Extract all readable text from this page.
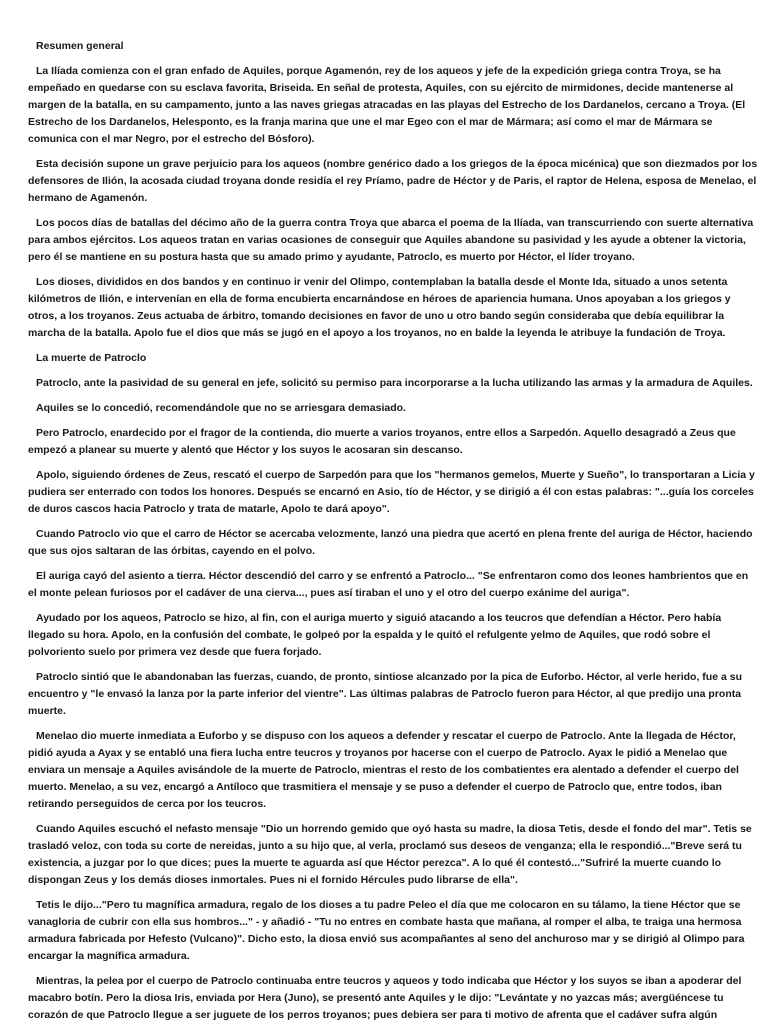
Resumen general

La Ilíada comienza con el gran enfado de Aquiles, porque Agamenón, rey de los aqueos y jefe de la expedición griega contra Troya, se ha empeñado en quedarse con su esclava favorita, Briseida. En señal de protesta, Aquiles, con su ejército de mirmidones, decide mantenerse al margen de la batalla, en su campamento, junto a las naves griegas atracadas en las playas del Estrecho de los Dardanelos, cercano a Troya. (El Estrecho de los Dardanelos, Helesponto, es la franja marina que une el mar Egeo con el mar de Mármara; así como el mar de Mármara se comunica con el mar Negro, por el estrecho del Bósforo).

Esta decisión supone un grave perjuicio para los aqueos (nombre genérico dado a los griegos de la época micénica) que son diezmados por los defensores de Ilión, la acosada ciudad troyana donde residía el rey Príamo, padre de Héctor y de Paris, el raptor de Helena, esposa de Menelao, el hermano de Agamenón.

Los pocos días de batallas del décimo año de la guerra contra Troya que abarca el poema de la Ilíada, van transcurriendo con suerte alternativa para ambos ejércitos. Los aqueos tratan en varias ocasiones de conseguir que Aquiles abandone su pasividad y les ayude a obtener la victoria, pero él se mantiene en su postura hasta que su amado primo y ayudante, Patroclo, es muerto por Héctor, el líder troyano.

Los dioses, divididos en dos bandos y en continuo ir venir del Olimpo, contemplaban la batalla desde el Monte Ida, situado a unos setenta kilómetros de Ilión, e intervenían en ella de forma encubierta encarnándose en héroes de apariencia humana. Unos apoyaban a los griegos y otros, a los troyanos. Zeus actuaba de árbitro, tomando decisiones en favor de uno u otro bando según consideraba que debía equilibrar la marcha de la batalla. Apolo fue el dios que más se jugó en el apoyo a los troyanos, no en balde la leyenda le atribuye la fundación de Troya.

La muerte de Patroclo

Patroclo, ante la pasividad de su general en jefe, solicitó su permiso para incorporarse a la lucha utilizando las armas y la armadura de Aquiles.

Aquiles se lo concedió, recomendándole que no se arriesgara demasiado.

Pero Patroclo, enardecido por el fragor de la contienda, dio muerte a varios troyanos, entre ellos a Sarpedón. Aquello desagradó a Zeus que empezó a planear su muerte y alentó que Héctor y los suyos le acosaran sin descanso.

Apolo, siguiendo órdenes de Zeus, rescató el cuerpo de Sarpedón para que los "hermanos gemelos, Muerte y Sueño", lo transportaran a Licia y pudiera ser enterrado con todos los honores. Después se encarnó en Asio, tío de Héctor, y se dirigió a él con estas palabras: "...guía los corceles de duros cascos hacia Patroclo y trata de matarle, Apolo te dará apoyo".

Cuando Patroclo vio que el carro de Héctor se acercaba velozmente, lanzó una piedra que acertó en plena frente del auriga de Héctor, haciendo que sus ojos saltaran de las órbitas, cayendo en el polvo.

El auriga cayó del asiento a tierra. Héctor descendió del carro y se enfrentó a Patroclo... "Se enfrentaron como dos leones hambrientos que en el monte pelean furiosos por el cadáver de una cierva..., pues así tiraban el uno y el otro del cuerpo exánime del auriga".

Ayudado por los aqueos, Patroclo se hizo, al fin, con el auriga muerto y siguió atacando a los teucros que defendían a Héctor. Pero había llegado su hora. Apolo, en la confusión del combate, le golpeó por la espalda y le quitó el refulgente yelmo de Aquiles, que rodó sobre el polvoriento suelo por primera vez desde que fuera forjado.

Patroclo sintió que le abandonaban las fuerzas, cuando, de pronto, sintiose alcanzado por la pica de Euforbo. Héctor, al verle herido, fue a su encuentro y "le envasó la lanza por la parte inferior del vientre". Las últimas palabras de Patroclo fueron para Héctor, al que predijo una pronta muerte.

Menelao dio muerte inmediata a Euforbo y se dispuso con los aqueos a defender y rescatar el cuerpo de Patroclo. Ante la llegada de Héctor, pidió ayuda a Ayax y se entabló una fiera lucha entre teucros y troyanos por hacerse con el cuerpo de Patroclo. Ayax le pidió a Menelao que enviara un mensaje a Aquiles avisándole de la muerte de Patroclo, mientras el resto de los combatientes era alentado a defender el cuerpo del muerto. Menelao, a su vez, encargó a Antíloco que trasmitiera el mensaje y se puso a defender el cuerpo de Patroclo que, entre todos, iban retirando perseguidos de cerca por los teucros.

Cuando Aquiles escuchó el nefasto mensaje "Dio un horrendo gemido que oyó hasta su madre, la diosa Tetis, desde el fondo del mar". Tetis se trasladó veloz, con toda su corte de nereidas, junto a su hijo que, al verla, proclamó sus deseos de venganza; ella le respondió..."Breve será tu existencia, a juzgar por lo que dices; pues la muerte te aguarda así que Héctor perezca". A lo qué él contestó..."Sufriré la muerte cuando lo dispongan Zeus y los demás dioses inmortales. Pues ni el fornido Hércules pudo librarse de ella".

Tetis le dijo..."Pero tu magnífica armadura, regalo de los dioses a tu padre Peleo el día que me colocaron en su tálamo, la tiene Héctor que se vanagloria de cubrir con ella sus hombros..." - y añadió - "Tu no entres en combate hasta que mañana, al romper el alba, te traiga una hermosa armadura fabricada por Hefesto (Vulcano)". Dicho esto, la diosa envió sus acompañantes al seno del anchuroso mar y se dirigió al Olimpo para encargar la magnífica armadura.

Mientras, la pelea por el cuerpo de Patroclo continuaba entre teucros y aqueos y todo indicaba que Héctor y los suyos se iban a apoderar del macabro botín. Pero la diosa Iris, enviada por Hera (Juno), se presentó ante Aquiles y le dijo: "Levántate y no yazcas más; avergüéncese tu corazón de que Patroclo llegue a ser juguete de los perros troyanos; pues debiera ser para ti motivo de afrenta que el cadáver sufra algún
